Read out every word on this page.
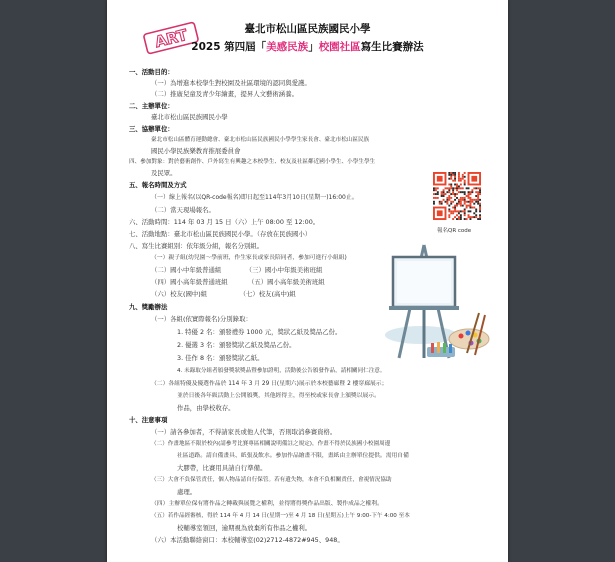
ART	臺北市松山區民族國民小學
2025 第四屆「美感民族」校園社區寫生比賽辦法
一、活動目的：
（一）為增進本校學生對校園及社區環境的認同與愛護。
（二）推廣兒童及青少年繪畫，提昇人文藝術涵養。
二、主辦單位：
臺北市松山區民族國民小學
三、協辦單位：
臺北市松山區體育運動總會、臺北市松山區民族國民小學學生家長會、臺北市松山區民族
國民小學民族樂教育推展委員會
四、參加對象：對於藝術創作、戶外寫生有興趣之本校學生、校友及社區鄰近國小學生、小學生學生
及民眾。
五、報名時間及方式
（一）線上報名(以QR-code報名)即日起至114年3月10日(星期一)16:00止。
（二）當天現場報名。
六、活動時間：114 年 03 月 15 日（六）上午 08:00 至 12:00。
七、活動地點：臺北市松山區民族國民小學。（存放在民族國小）
八、寫生比賽組別：依年級分組，報名分別組。
（一）親子組(幼兒園～學前班，作生家長或家長陪同者，參加可進行小組組)
（二）國小中年級普通組            （三）國小中年級美術班組
（四）國小高年級普通班組          （五）國小高年級美術班組
（六）校友(國中)組                （七）校友(高中)組
九、獎勵辦法
（一）各組(依實際報名)分別錄取：
1. 特優 2 名：頒發禮券 1000 元，獎狀乙紙及獎品乙份。
2. 優選 3 名：頒發獎狀乙紙及獎品乙份。
3. 佳作 8 名：頒發獎狀乙紙。
4. 未錄取分組者頒發獎狀獎品暨參加證明，活動後公告頒發作品，請相關同仁注意。
（二）各組特優及優選作品於 114 年 3 月 29 日(星期六)展示於本校藝廊暨 2 樓穿廊展示；
並於日後各年級活動上公開頒獎，其他經得主，得至校或家長會上頒獎以展示。
作品，由學校收存。
十、注意事項
（一）請各參加者，不得請家長或他人代筆，否則取消參賽資格。
（二）作畫地區不限於校內(請參考比賽專區相關說明備註之規定)，作畫不得於民族國小校園周邊
社區道路。請自備畫具、紙張及飲水。參加作品繪畫不限，畫紙由主辦單位提供。需用自備
大膠帶，比賽用具請自行準備。
（三）大會不負保管責任，個人物品請自行保管。若有遺失物，本會不負相關責任，會視情況協助
處理。
（四）主辦單位保有將作品之轉載與展覽之權利，並得將得獎作品出版、製作成品之權利。
（五）若作品經審核，得於 114 年 4 月 14 日(星期一)至 4 月 18 日(星期五)上午 9:00-下午 4:00 至本
校輔導室領回，逾期視為放棄所有作品之權利。
（六）本活動聯絡窗口：本校輔導室(02)2712-4872#945、948。
報名QR code
